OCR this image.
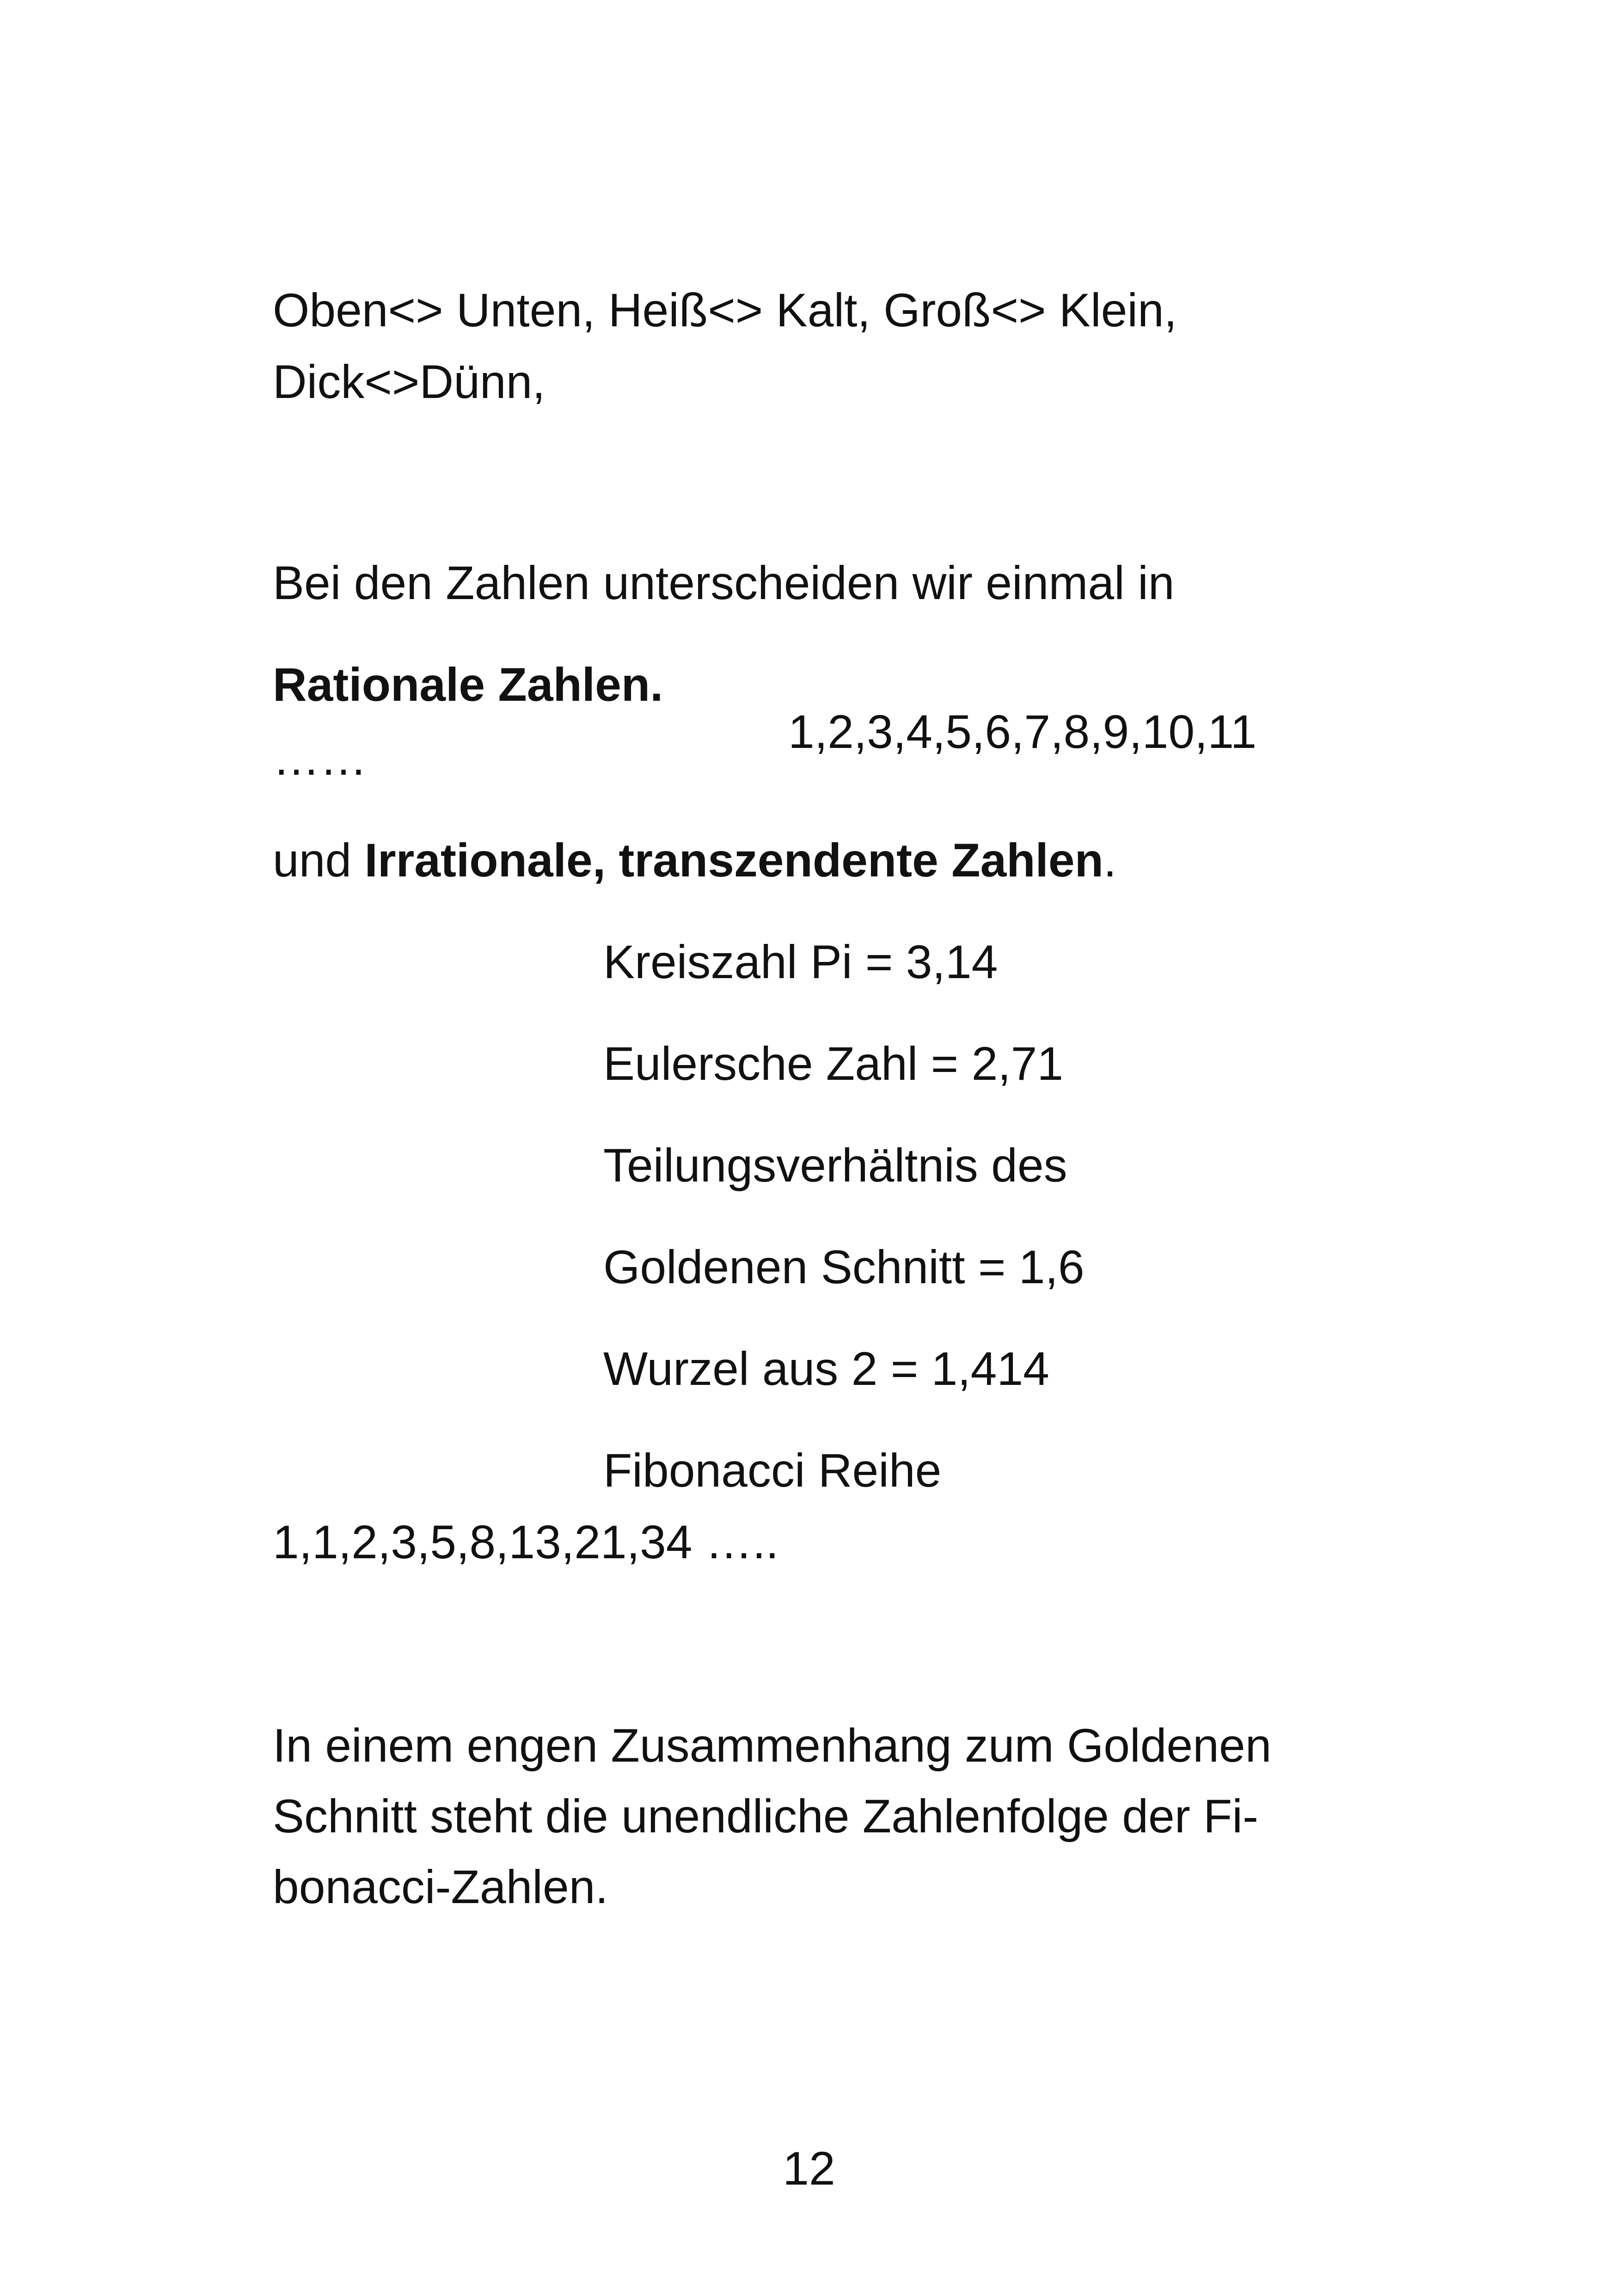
Oben<> Unten, Heiß<> Kalt, Groß<> Klein,

Dick<>Dünn,

Bei den Zahlen unterscheiden wir einmal in

Rationale Zahlen.

1,2,3,4,5,6,7,8,9,10,11

……

und Irrationale, transzendente Zahlen.

Kreiszahl Pi = 3,14

Eulersche Zahl = 2,71

Teilungsverhältnis des

Goldenen Schnitt = 1,6

Wurzel aus 2 = 1,414

Fibonacci Reihe

1,1,2,3,5,8,13,21,34 …..

In einem engen Zusammenhang zum Goldenen

Schnitt steht die unendliche Zahlenfolge der Fi-

bonacci-Zahlen.

12
